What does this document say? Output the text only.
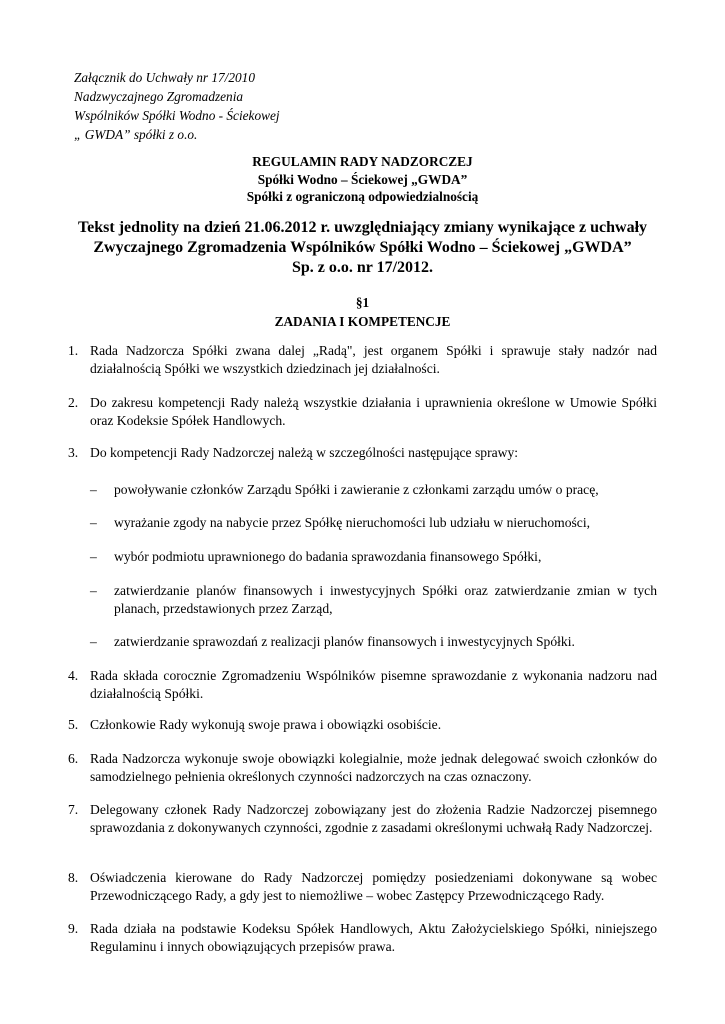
Załącznik do Uchwały nr 17/2010
Nadzwyczajnego Zgromadzenia
Wspólników Spółki Wodno - Ściekowej
„ GWDA” spółki z o.o.
REGULAMIN RADY NADZORCZEJ
Spółki Wodno – Ściekowej „GWDA”
Spółki z ograniczoną odpowiedzialnością
Tekst jednolity na dzień 21.06.2012 r. uwzględniający zmiany wynikające z uchwały
Zwyczajnego Zgromadzenia Wspólników Spółki Wodno – Ściekowej „GWDA”
Sp. z o.o. nr 17/2012.
§1
ZADANIA I KOMPETENCJE
1. Rada Nadzorcza Spółki zwana dalej „Radą", jest organem Spółki i sprawuje stały nadzór nad działalnością Spółki we wszystkich dziedzinach jej działalności.
2. Do zakresu kompetencji Rady należą wszystkie działania i uprawnienia określone w Umowie Spółki oraz Kodeksie Spółek Handlowych.
3. Do kompetencji Rady Nadzorczej należą w szczególności następujące sprawy:
– powoływanie członków Zarządu Spółki i zawieranie z członkami zarządu umów o pracę,
– wyrażanie zgody na nabycie przez Spółkę nieruchomości lub udziału w nieruchomości,
– wybór podmiotu uprawnionego do badania sprawozdania finansowego Spółki,
– zatwierdzanie planów finansowych i inwestycyjnych Spółki oraz zatwierdzanie zmian w tych planach, przedstawionych przez Zarząd,
– zatwierdzanie sprawozdań z realizacji planów finansowych i inwestycyjnych Spółki.
4. Rada składa corocznie Zgromadzeniu Wspólników pisemne sprawozdanie z wykonania nadzoru nad działalnością Spółki.
5. Członkowie Rady wykonują swoje prawa i obowiązki osobiście.
6. Rada Nadzorcza wykonuje swoje obowiązki kolegialnie, może jednak delegować swoich członków do samodzielnego pełnienia określonych czynności nadzorczych na czas oznaczony.
7. Delegowany członek Rady Nadzorczej zobowiązany jest do złożenia Radzie Nadzorczej pisemnego sprawozdania z dokonywanych czynności, zgodnie z zasadami określonymi uchwałą Rady Nadzorczej.
8. Oświadczenia kierowane do Rady Nadzorczej pomiędzy posiedzeniami dokonywane są wobec Przewodniczącego Rady, a gdy jest to niemożliwe – wobec Zastępcy Przewodniczącego Rady.
9. Rada działa na podstawie Kodeksu Spółek Handlowych, Aktu Założycielskiego Spółki, niniejszego Regulaminu i innych obowiązujących przepisów prawa.
